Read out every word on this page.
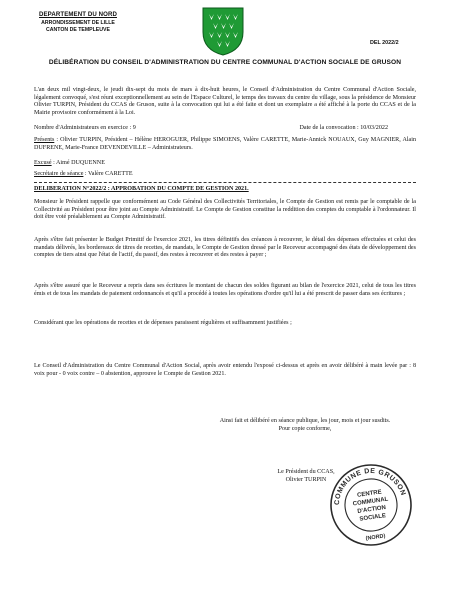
DEPARTEMENT DU NORD
ARRONDISSEMENT DE LILLE
CANTON DE TEMPLEUVE
DEL 2022/2
DÉLIBÉRATION DU CONSEIL D'ADMINISTRATION DU CENTRE COMMUNAL D'ACTION SOCIALE DE GRUSON
L'an deux mil vingt-deux, le jeudi dix-sept du mois de mars à dix-huit heures, le Conseil d'Administration du Centre Communal d'Action Sociale, légalement convoqué, s'est réuni exceptionnellement au sein de l'Espace Culturel, le temps des travaux du centre du village, sous la présidence de Monsieur Olivier TURPIN, Président du CCAS de Gruson, suite à la convocation qui lui a été faite et dont un exemplaire a été affiché à la porte du CCAS et de la Mairie provisoire conformément à la Loi.
Nombre d'Administrateurs en exercice : 9	Date de la convocation : 10/03/2022
Présents : Olivier TURPIN, Président – Hélène HEROGUER, Philippe SIMOENS, Valère CARETTE, Marie-Annick NOUAUX, Guy MAGNIER, Alain DUFRENE, Marie-France DEVENDEVILLE – Administrateurs.
Excusé : Aimé DUQUENNE
Secrétaire de séance : Valère CARETTE
DELIBERATION N°2022/2 : APPROBATION DU COMPTE DE GESTION 2021.
Monsieur le Président rappelle que conformément au Code Général des Collectivités Territoriales, le Compte de Gestion est remis par le comptable de la Collectivité au Président pour être joint au Compte Administratif. Le Compte de Gestion constitue la reddition des comptes du comptable à l'ordonnateur. Il doit être voté préalablement au Compte Administratif.
Après s'être fait présenter le Budget Primitif de l'exercice 2021, les titres définitifs des créances à recouvrer, le détail des dépenses effectuées et celui des mandats délivrés, les bordereaux de titres de recettes, de mandats, le Compte de Gestion dressé par le Receveur accompagné des états de développement des comptes de tiers ainsi que l'état de l'actif, du passif, des restes à recouvrer et des restes à payer ;
Après s'être assuré que le Receveur a repris dans ses écritures le montant de chacun des soldes figurant au bilan de l'exercice 2021, celui de tous les titres émis et de tous les mandats de paiement ordonnancés et qu'il a procédé à toutes les opérations d'ordre qu'il lui a été prescrit de passer dans ses écritures ;
Considérant que les opérations de recettes et de dépenses paraissent régulières et suffisamment justifiées ;
Le Conseil d'Administration du Centre Communal d'Action Social, après avoir entendu l'exposé ci-dessus et après en avoir délibéré à main levée par : 8 voix pour - 0 voix contre – 0 abstention, approuve le Compte de Gestion 2021.
Ainsi fait et délibéré en séance publique, les jour, mois et jour susdits.
Pour copie conforme,
Le Président du CCAS,
Olivier TURPIN
COMMUNE DE GRUSON
CENTRE
COMMUNAL
D'ACTION
SOCIALE
(NORD)
